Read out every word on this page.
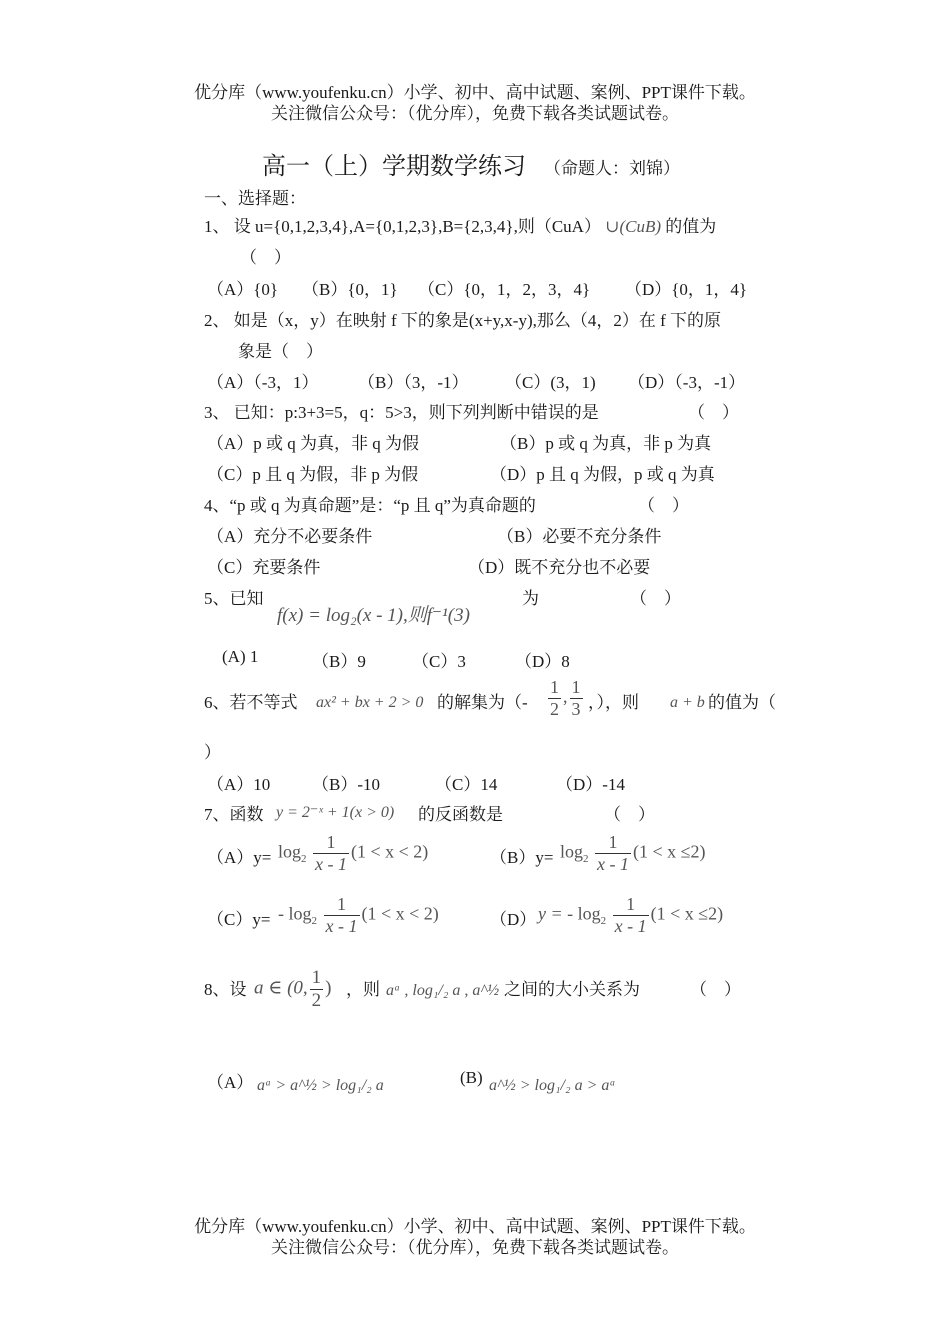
优分库（www.youfenku.cn）小学、初中、高中试题、案例、PPT课件下载。
关注微信公众号：（优分库），免费下载各类试题试卷。
高一（上）学期数学练习 （命题人：刘锦）
一、选择题：
1、 设 u={0,1,2,3,4},A={0,1,2,3},B={2,3,4},则（CuA） ∪(CuB) 的值为
（　）
（A）{0} （B）{0，1} （C）{0，1，2，3，4} （D）{0，1，4}
2、 如是（x，y）在映射 f 下的象是(x+y,x-y),那么（4，2）在 f 下的原
象是（　）
（A）（-3，1） （B）（3，-1） （C）(3，1) （D）（-3，-1）
3、 已知：p:3+3=5，q：5>3，则下列判断中错误的是	（　）
（A）p 或 q 为真，非 q 为假	（B）p 或 q 为真，非 p 为真
（C）p 且 q 为假，非 p 为假	（D）p 且 q 为假，p 或 q 为真
4、“p 或 q 为真命题”是：“p 且 q”为真命题的	（　）
（A）充分不必要条件	（B）必要不充分条件
（C）充要条件	（D）既不充分也不必要
5、已知
f(x) = log₂(x - 1),则f⁻¹(3)
为	（　）
(A) 1	（B）9	（C）3	（D）8
6、若不等式 ax² + bx + 2 > 0 的解集为（- $\frac{1}{2}$ , $\frac{1}{3}$ ，），则 a + b 的值为（
）
（A）10 （B）-10	（C）14	（D）-14
7、函数 y = 2⁻ˣ + 1(x > 0) 的反函数是	（　）
$(A)y= \log_2 \frac{1}{x - 1} (1 < x < 2)$	$(B)y= \log_2 \frac{1}{x - 1} (1 < x \le 2)$
$(C)y= - \log_2 \frac{1}{x - 1} (1 < x < 2)$	（D） y = - $\log_2 \frac{1}{x - 1} (1 < x \le 2)$
8、设 a ∈ (0, $\frac{1}{2}$ ) ，则 aᵃ , log₁/₂ a , a^½ 之间的大小关系为	（　）
（A） aᵃ > a^½ > log₁/₂ a	(B) a^½ > log₁/₂ a > aᵃ
优分库（www.youfenku.cn）小学、初中、高中试题、案例、PPT课件下载。
关注微信公众号：（优分库），免费下载各类试题试卷。
